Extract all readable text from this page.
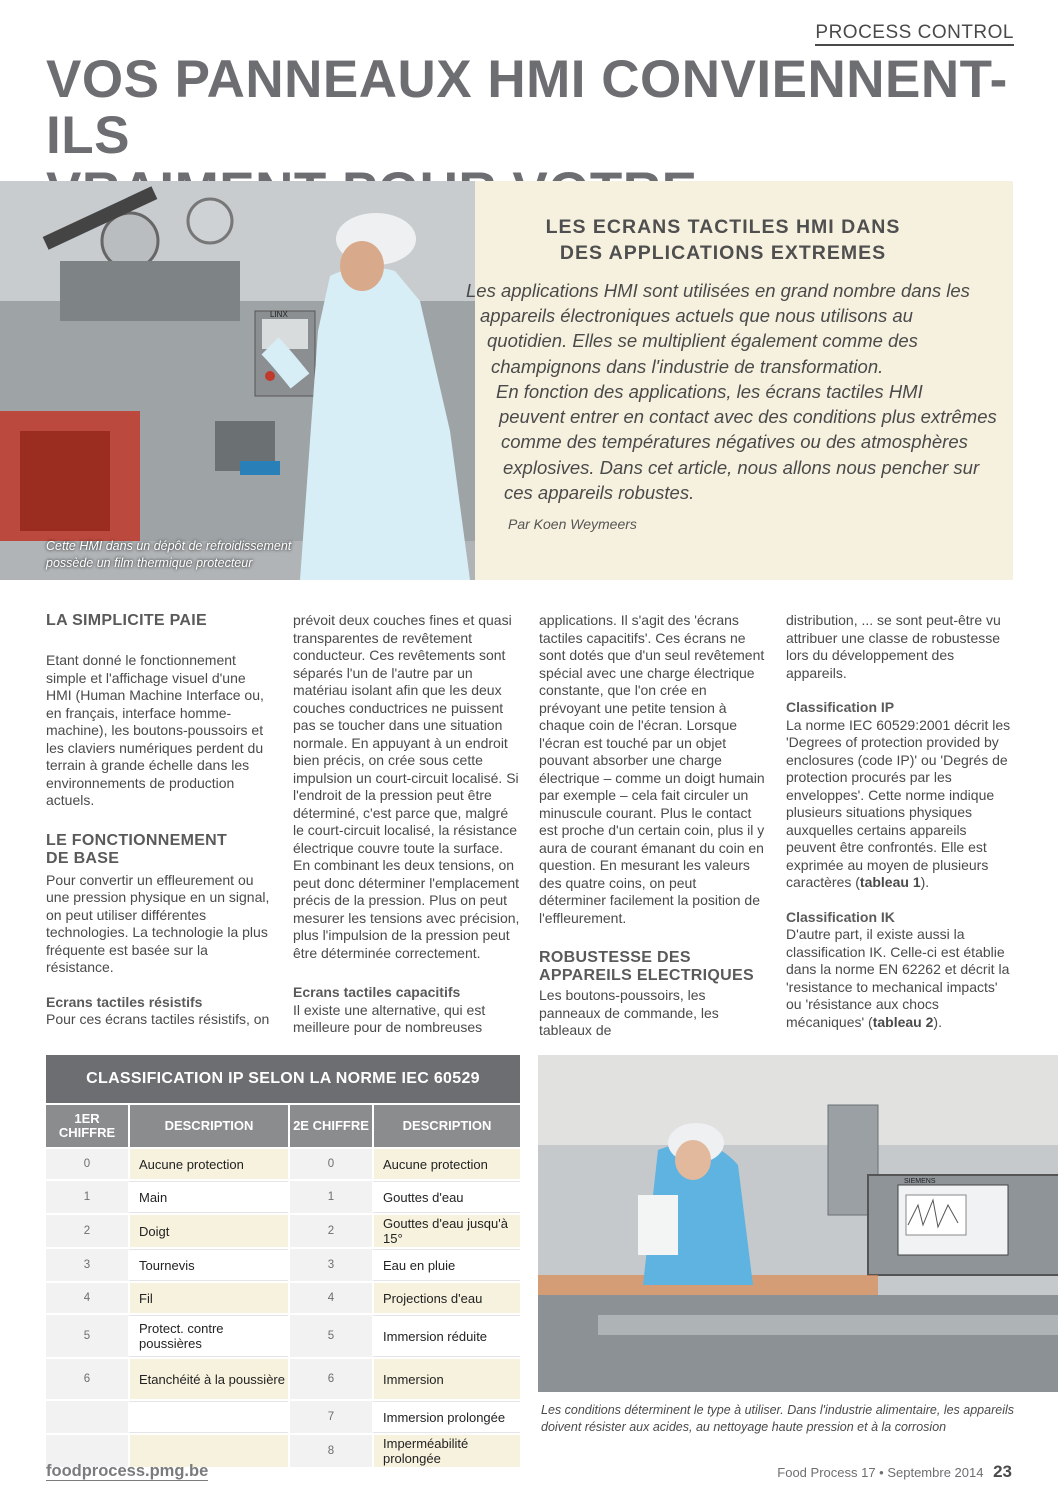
PROCESS CONTROL
VOS PANNEAUX HMI CONVIENNENT-ILS
LINX
Cette HMI dans un dépôt de refroidissement
possède un film thermique protecteur
LES ECRANS TACTILES HMI DANS
DES APPLICATIONS EXTREMES
Les applications HMI sont utilisées en grand nombre dans les
appareils électroniques actuels que nous utilisons au
quotidien. Elles se multiplient également comme des
champignons dans l'industrie de transformation.
En fonction des applications, les écrans tactiles HMI
peuvent entrer en contact avec des conditions plus extrêmes
comme des températures négatives ou des atmosphères
explosives. Dans cet article, nous allons nous pencher sur
ces appareils robustes.
Par Koen Weymeers
LA SIMPLICITE PAIE

Etant donné le fonctionnement simple et l'affichage visuel d'une HMI (Human Machine Interface ou, en français, interface homme-machine), les boutons-poussoirs et les claviers numériques perdent du terrain à grande échelle dans les environnements de production actuels.

LE FONCTIONNEMENT
DE BASE

Pour convertir un effleurement ou une pression physique en un signal, on peut utiliser différentes technologies. La technologie la plus fréquente est basée sur la résistance.

Ecrans tactiles résistifs

Pour ces écrans tactiles résistifs, on

prévoit deux couches fines et quasi transparentes de revêtement conducteur. Ces revêtements sont séparés l'un de l'autre par un matériau isolant afin que les deux couches conductrices ne puissent pas se toucher dans une situation normale. En appuyant à un endroit bien précis, on crée sous cette impulsion un court-circuit localisé. Si l'endroit de la pression peut être déterminé, c'est parce que, malgré le court-circuit localisé, la résistance électrique couvre toute la surface. En combinant les deux tensions, on peut donc déterminer l'emplacement précis de la pression. Plus on peut mesurer les tensions avec précision, plus l'impulsion de la pression peut être déterminée correctement.

Ecrans tactiles capacitifs

Il existe une alternative, qui est meilleure pour de nombreuses

applications. Il s'agit des 'écrans tactiles capacitifs'. Ces écrans ne sont dotés que d'un seul revêtement spécial avec une charge électrique constante, que l'on crée en prévoyant une petite tension à chaque coin de l'écran. Lorsque l'écran est touché par un objet pouvant absorber une charge électrique – comme un doigt humain par exemple – cela fait circuler un minuscule courant. Plus le contact est proche d'un certain coin, plus il y aura de courant émanant du coin en question. En mesurant les valeurs des quatre coins, on peut déterminer facilement la position de l'effleurement.

ROBUSTESSE DES
APPAREILS ELECTRIQUES

Les boutons-poussoirs, les panneaux de commande, les tableaux de

distribution, ... se sont peut-être vu attribuer une classe de robustesse lors du développement des appareils.

Classification IP

La norme IEC 60529:2001 décrit les 'Degrees of protection provided by enclosures (code IP)' ou 'Degrés de protection procurés par les enveloppes'. Cette norme indique plusieurs situations physiques auxquelles certains appareils peuvent être confrontés. Elle est exprimée au moyen de plusieurs caractères (tableau 1).

Classification IK

D'autre part, il existe aussi la classification IK. Celle-ci est établie dans la norme EN 62262 et décrit la 'resistance to mechanical impacts' ou 'résistance aux chocs mécaniques' (tableau 2).

CLASSIFICATION IP SELON LA NORME IEC 60529
1ER CHIFFRE	DESCRIPTION	2E CHIFFRE	DESCRIPTION
0	Aucune protection	0	Aucune protection
1	Main	1	Gouttes d'eau
2	Doigt	2	Gouttes d'eau jusqu'à 15°
3	Tournevis	3	Eau en pluie
4	Fil	4	Projections d'eau
5	Protect. contre poussières	5	Immersion réduite
6	Etanchéité à la poussière	6	Immersion
		7	Immersion prolongée
		8	Imperméabilité prolongée
SIEMENS
Les conditions déterminent le type à utiliser. Dans l'industrie alimentaire, les appareils doivent résister aux acides, au nettoyage haute pression et à la corrosion
foodprocess.pmg.be	Food Process 17 • Septembre 2014 23
